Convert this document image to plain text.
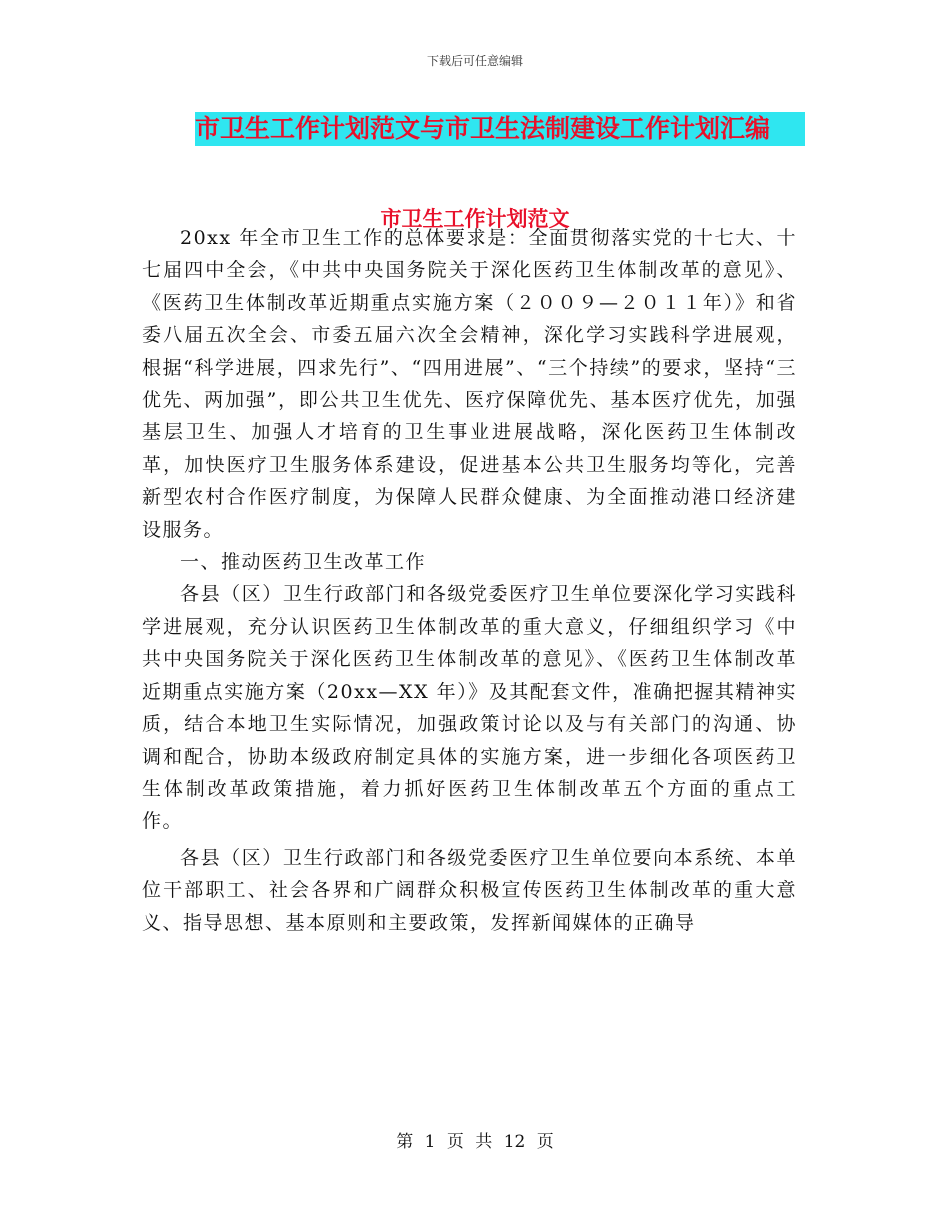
下载后可任意编辑
市卫生工作计划范文与市卫生法制建设工作计划汇编
市卫生工作计划范文

20xx 年全市卫生工作的总体要求是：全面贯彻落实党的十七大、十七届四中全会，《中共中央国务院关于深化医药卫生体制改革的意见》、《医药卫生体制改革近期重点实施方案（２００９—２０１１年）》和省委八届五次全会、市委五届六次全会精神，深化学习实践科学进展观，根据“科学进展，四求先行”、“四用进展”、“三个持续”的要求，坚持“三优先、两加强”，即公共卫生优先、医疗保障优先、基本医疗优先，加强基层卫生、加强人才培育的卫生事业进展战略，深化医药卫生体制改革，加快医疗卫生服务体系建设，促进基本公共卫生服务均等化，完善新型农村合作医疗制度，为保障人民群众健康、为全面推动港口经济建设服务。

一、推动医药卫生改革工作

各县（区）卫生行政部门和各级党委医疗卫生单位要深化学习实践科学进展观，充分认识医药卫生体制改革的重大意义，仔细组织学习《中共中央国务院关于深化医药卫生体制改革的意见》、《医药卫生体制改革近期重点实施方案（20xx—XX 年）》及其配套文件，准确把握其精神实质，结合本地卫生实际情况，加强政策讨论以及与有关部门的沟通、协调和配合，协助本级政府制定具体的实施方案，进一步细化各项医药卫生体制改革政策措施，着力抓好医药卫生体制改革五个方面的重点工作。

各县（区）卫生行政部门和各级党委医疗卫生单位要向本系统、本单位干部职工、社会各界和广阔群众积极宣传医药卫生体制改革的重大意义、指导思想、基本原则和主要政策，发挥新闻媒体的正确导

第 1 页 共 12 页
